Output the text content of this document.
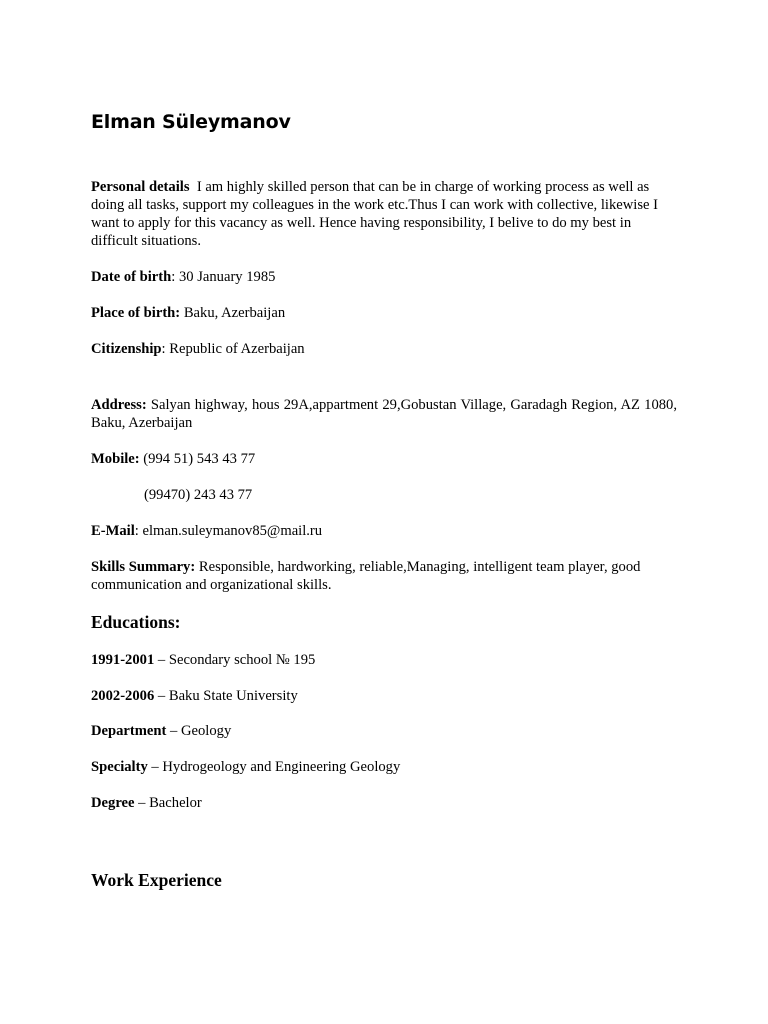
Elman Süleymanov
Personal details I am highly skilled person that can be in charge of working process as well as doing all tasks, support my colleagues in the work etc.Thus I can work with collective, likewise I want to apply for this vacancy as well. Hence having responsibility, I belive to do my best in difficult situations.
Date of birth: 30 January 1985
Place of birth: Baku, Azerbaijan
Citizenship: Republic of Azerbaijan
Address: Salyan highway, hous 29A,appartment 29,Gobustan Village, Garadagh Region, AZ 1080, Baku, Azerbaijan
Mobile: (994 51) 543 43 77
(99470) 243 43 77
E-Mail: elman.suleymanov85@mail.ru
Skills Summary: Responsible, hardworking, reliable,Managing, intelligent team player, good communication and organizational skills.
Educations:
1991-2001 – Secondary school № 195
2002-2006 – Baku State University
Department – Geology
Specialty – Hydrogeology and Engineering Geology
Degree – Bachelor
Work Experience
